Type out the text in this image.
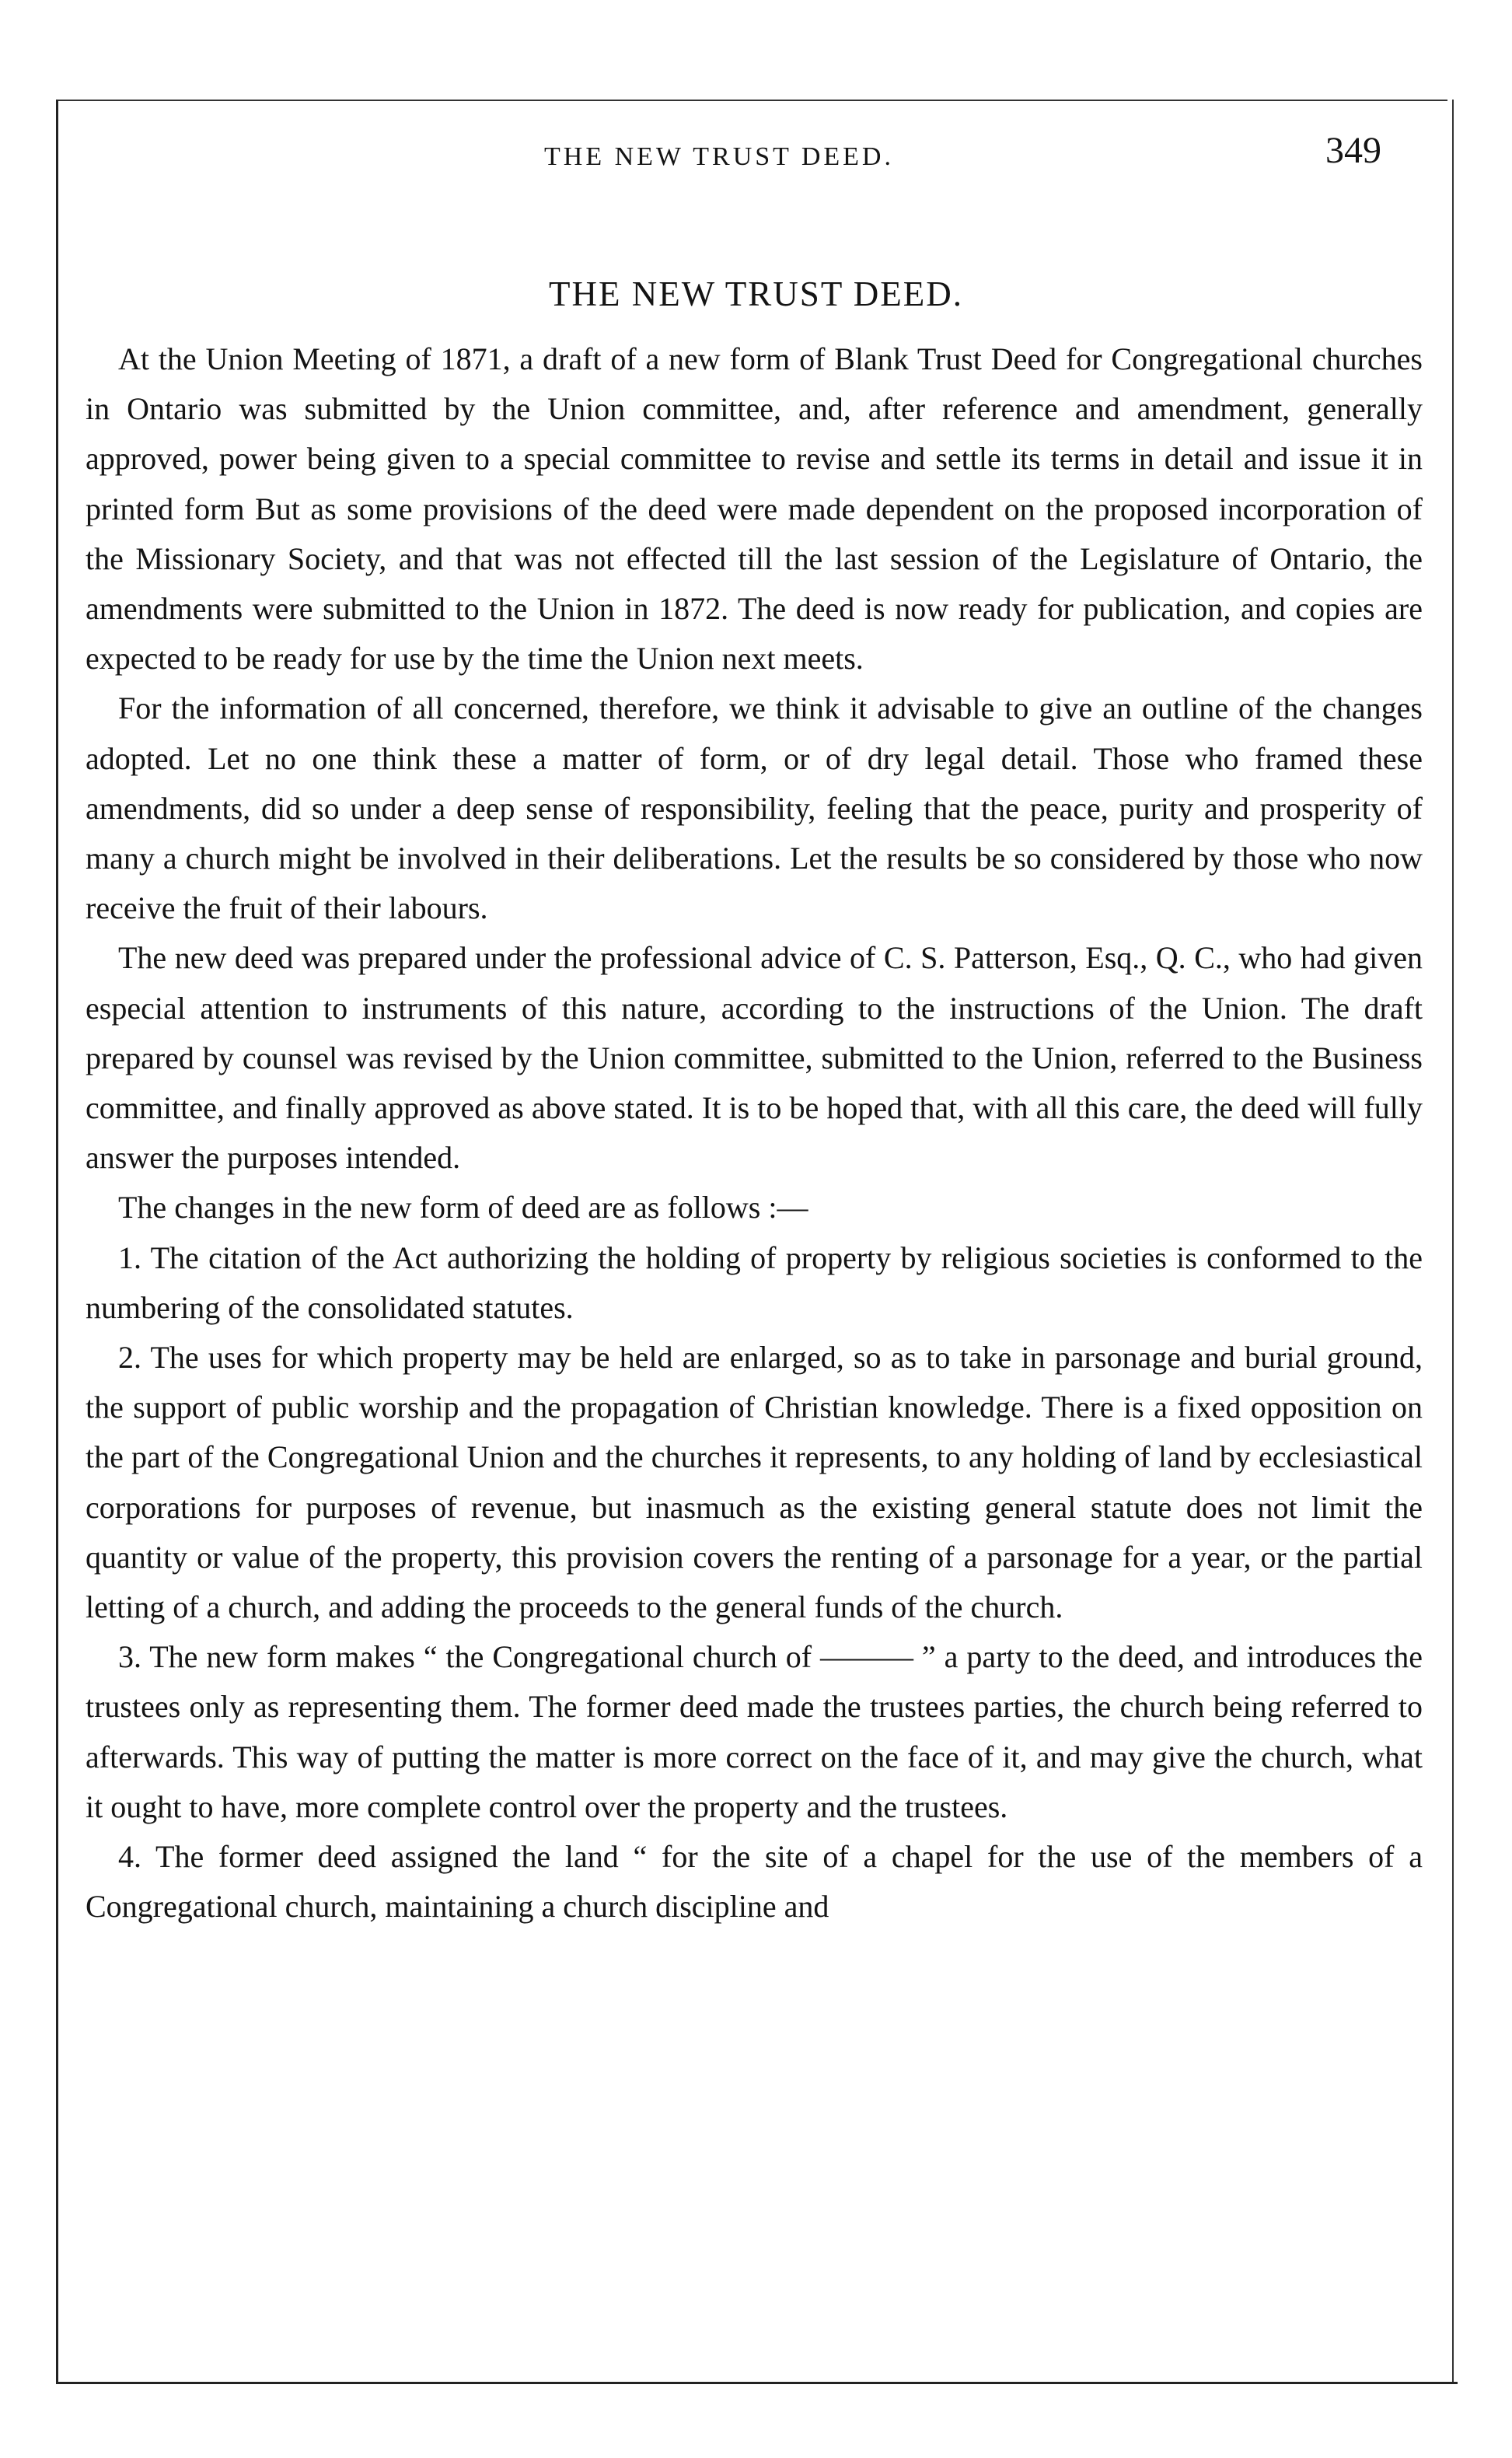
THE NEW TRUST DEED.	349
THE NEW TRUST DEED.

At the Union Meeting of 1871, a draft of a new form of Blank Trust Deed for Congregational churches in Ontario was submitted by the Union committee, and, after reference and amendment, generally approved, power being given to a special committee to revise and settle its terms in detail and issue it in printed form But as some provisions of the deed were made dependent on the proposed incorporation of the Missionary Society, and that was not effected till the last session of the Legislature of Ontario, the amendments were submitted to the Union in 1872. The deed is now ready for publication, and copies are expected to be ready for use by the time the Union next meets.

For the information of all concerned, therefore, we think it advisable to give an outline of the changes adopted. Let no one think these a matter of form, or of dry legal detail. Those who framed these amendments, did so under a deep sense of responsibility, feeling that the peace, purity and prosperity of many a church might be involved in their deliberations. Let the results be so considered by those who now receive the fruit of their labours.

The new deed was prepared under the professional advice of C. S. Patterson, Esq., Q. C., who had given especial attention to instruments of this nature, according to the instructions of the Union. The draft prepared by counsel was revised by the Union committee, submitted to the Union, referred to the Business committee, and finally approved as above stated. It is to be hoped that, with all this care, the deed will fully answer the purposes intended.

The changes in the new form of deed are as follows :—

1. The citation of the Act authorizing the holding of property by religious societies is conformed to the numbering of the consolidated statutes.

2. The uses for which property may be held are enlarged, so as to take in parsonage and burial ground, the support of public worship and the propagation of Christian knowledge. There is a fixed opposition on the part of the Congregational Union and the churches it represents, to any holding of land by ecclesiastical corporations for purposes of revenue, but inasmuch as the existing general statute does not limit the quantity or value of the property, this provision covers the renting of a parsonage for a year, or the partial letting of a church, and adding the proceeds to the general funds of the church.

3. The new form makes “ the Congregational church of ——— ” a party to the deed, and introduces the trustees only as representing them. The former deed made the trustees parties, the church being referred to afterwards. This way of putting the matter is more correct on the face of it, and may give the church, what it ought to have, more complete control over the property and the trustees.

4. The former deed assigned the land “ for the site of a chapel for the use of the members of a Congregational church, maintaining a church discipline and
